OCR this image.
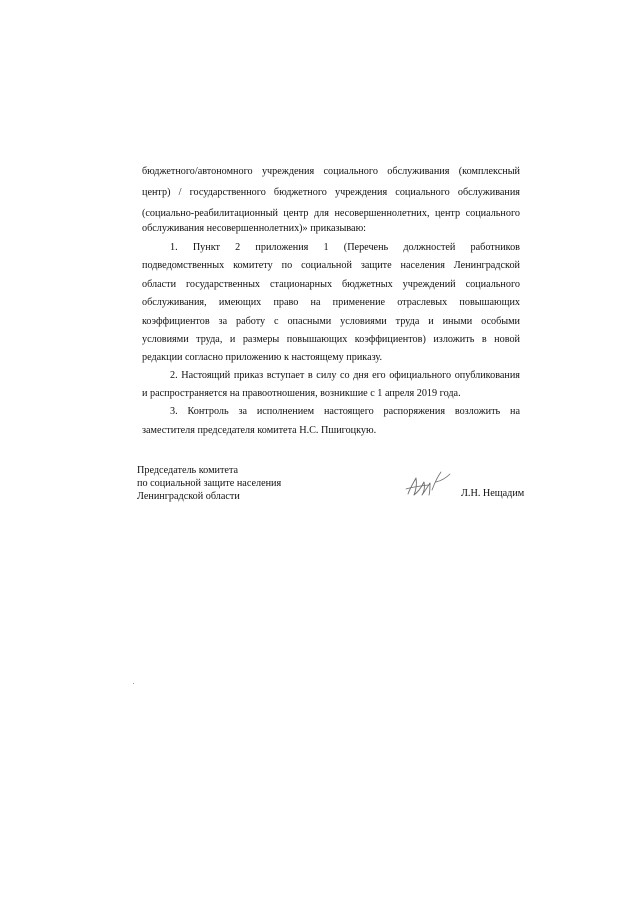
бюджетного/автономного учреждения социального обслуживания (комплексный
центр) / государственного бюджетного учреждения социального обслуживания
(социально-реабилитационный центр для несовершеннолетних, центр социального
обслуживания несовершеннолетних)» приказываю:
1. Пункт 2 приложения 1 (Перечень должностей работников
подведомственных комитету по социальной защите населения Ленинградской
области государственных стационарных бюджетных учреждений социального
обслуживания, имеющих право на применение отраслевых повышающих
коэффициентов за работу с опасными условиями труда и иными особыми
условиями труда, и размеры повышающих коэффициентов) изложить в новой
редакции согласно приложению к настоящему приказу.
2. Настоящий приказ вступает в силу со дня его официального опубликования
и распространяется на правоотношения, возникшие с 1 апреля 2019 года.
3. Контроль за исполнением настоящего распоряжения возложить на
заместителя председателя комитета Н.С. Пшигоцкую.
Председатель комитета
по социальной защите населения
Ленинградской области	Л.Н. Нещадим
